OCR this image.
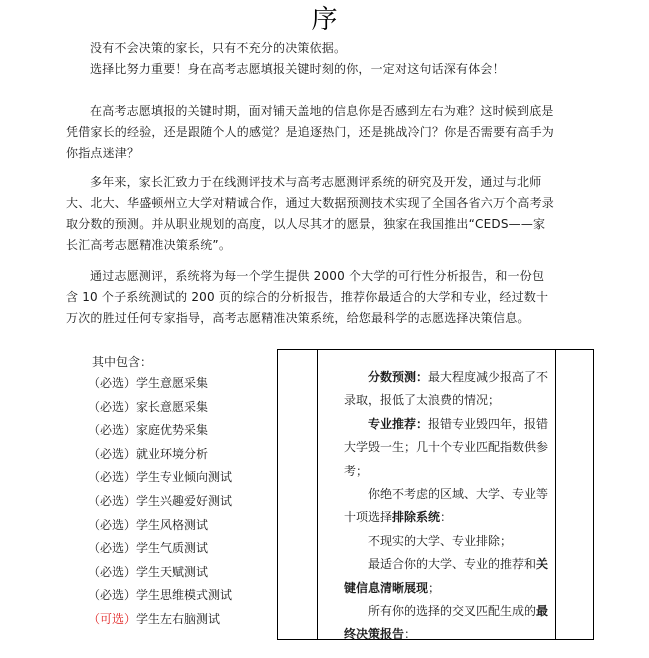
序

没有不会决策的家长，只有不充分的决策依据。

选择比努力重要！身在高考志愿填报关键时刻的你，一定对这句话深有体会！

在高考志愿填报的关键时期，面对铺天盖地的信息你是否感到左右为难？这时候到底是凭借家长的经验，还是跟随个人的感觉？是追逐热门，还是挑战冷门？你是否需要有高手为你指点迷津？

多年来，家长汇致力于在线测评技术与高考志愿测评系统的研究及开发，通过与北师大、北大、华盛顿州立大学对精诚合作，通过大数据预测技术实现了全国各省六万个高考录取分数的预测。并从职业规划的高度，以人尽其才的愿景，独家在我国推出“CEDS——家长汇高考志愿精准决策系统”。

通过志愿测评，系统将为每一个学生提供 2000 个大学的可行性分析报告，和一份包含 10 个子系统测试的 200 页的综合的分析报告，推荐你最适合的大学和专业，经过数十万次的胜过任何专家指导，高考志愿精准决策系统，给您最科学的志愿选择决策信息。

其中包含：
（必选）学生意愿采集
（必选）家长意愿采集
（必选）家庭优势采集
（必选）就业环境分析
（必选）学生专业倾向测试
（必选）学生兴趣爱好测试
（必选）学生风格测试
（必选）学生气质测试
（必选）学生天赋测试
（必选）学生思维模式测试
（可选）学生左右脑测试

分数预测：最大程度减少报高了不录取，报低了太浪费的情况；

专业推荐：报错专业毁四年，报错大学毁一生；几十个专业匹配指数供参考；

你绝不考虑的区域、大学、专业等十项选择排除系统：

不现实的大学、专业排除；

最适合你的大学、专业的推荐和关键信息清晰展现；

所有你的选择的交叉匹配生成的最终决策报告：
